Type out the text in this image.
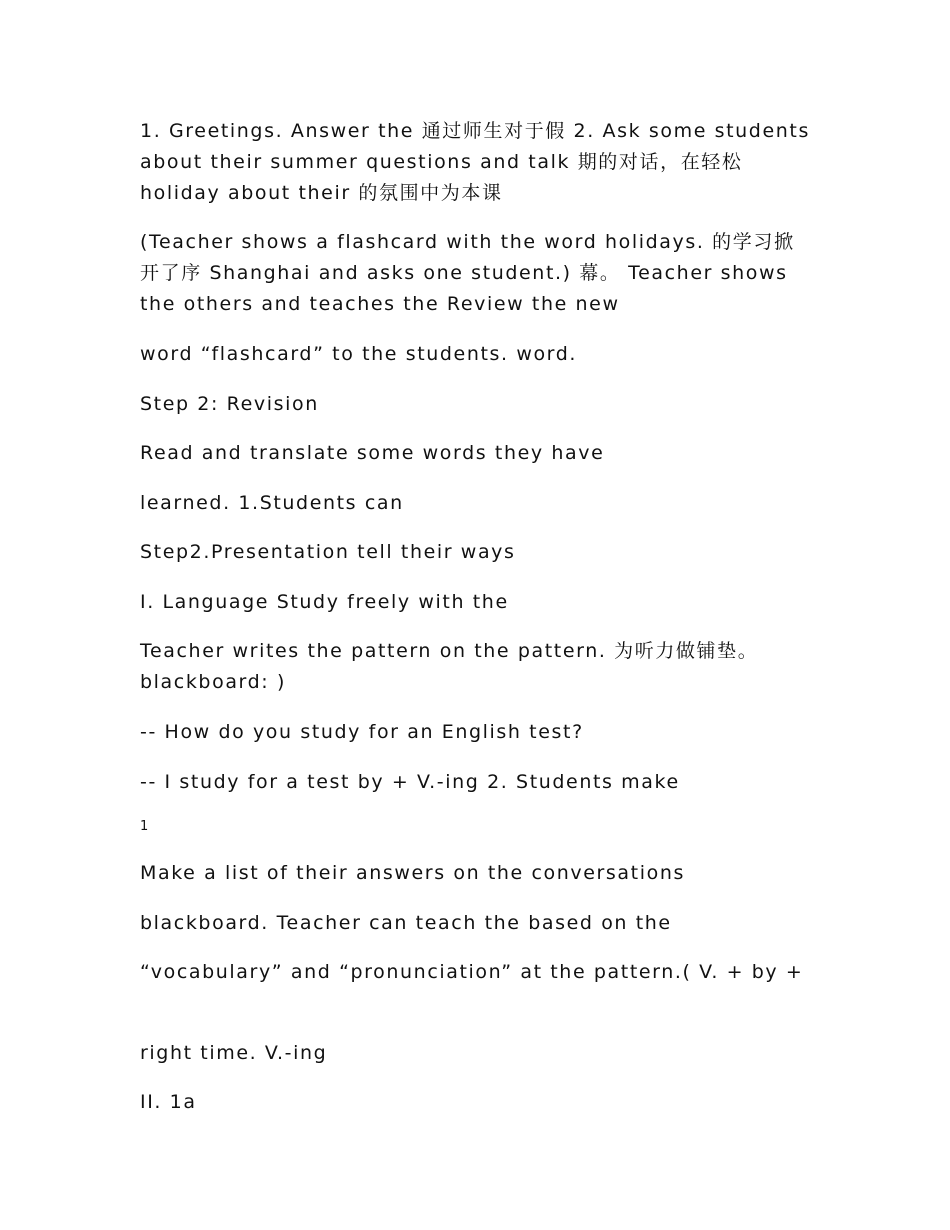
1. Greetings. Answer the 通过师生对于假 2. Ask some students about their summer questions and talk 期的对话，在轻松 holiday about their 的氛围中为本课

(Teacher shows a flashcard with the word holidays. 的学习掀开了序 Shanghai and asks one student.) 幕。 Teacher shows the others and teaches the Review the new

word “flashcard” to the students. word.

Step 2: Revision

Read and translate some words they have

learned. 1.Students can

Step2.Presentation tell their ways

I. Language Study freely with the

Teacher writes the pattern on the pattern. 为听力做铺垫。 blackboard: )

-- How do you study for an English test?

-- I study for a test by + V.-ing 2. Students make

1

Make a list of their answers on the conversations

blackboard. Teacher can teach the based on the

“vocabulary” and “pronunciation” at the pattern.( V. + by +

right time. V.-ing

II. 1a
